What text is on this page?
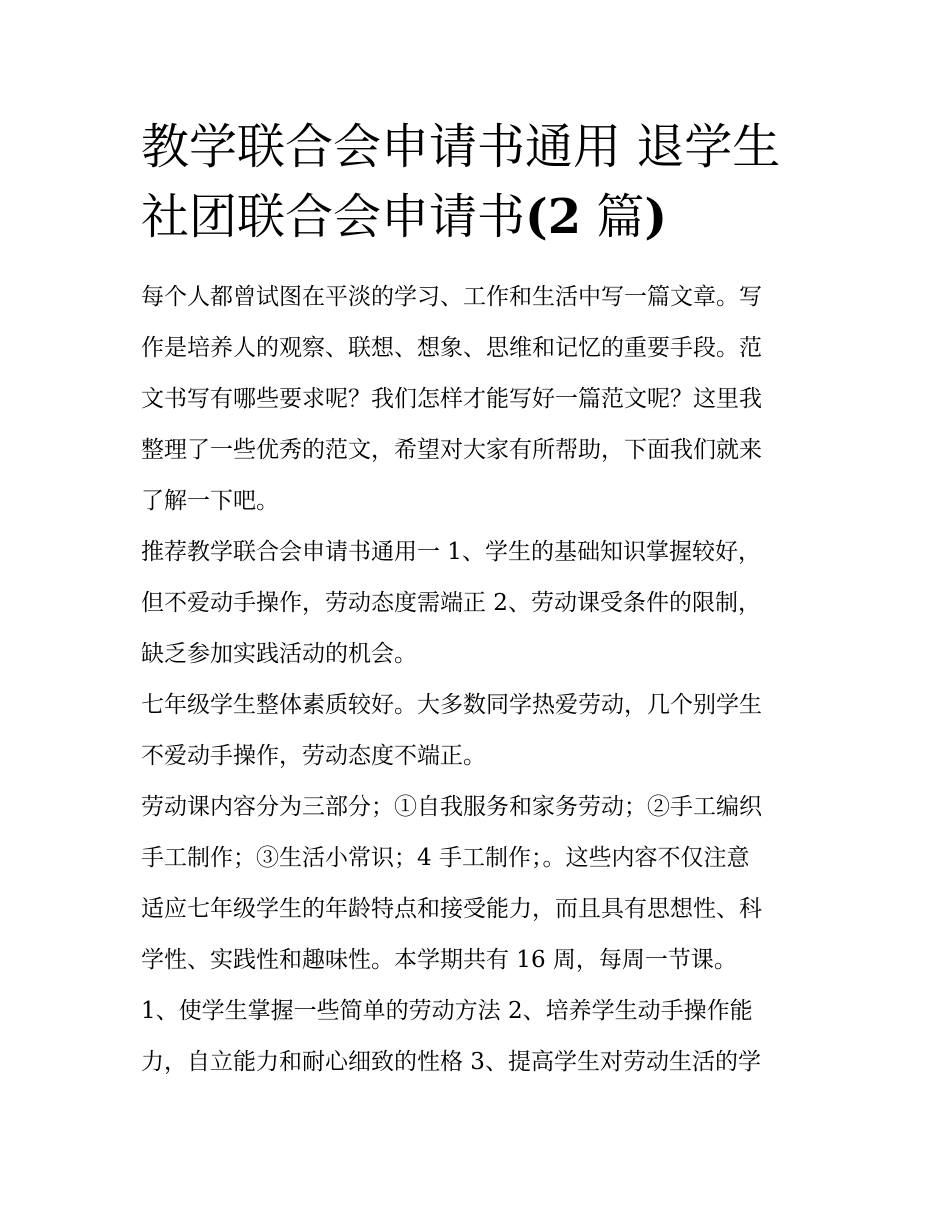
教学联合会申请书通用 退学生
社团联合会申请书(2 篇)

每个人都曾试图在平淡的学习、工作和生活中写一篇文章。写
作是培养人的观察、联想、想象、思维和记忆的重要手段。范
文书写有哪些要求呢？我们怎样才能写好一篇范文呢？这里我
整理了一些优秀的范文，希望对大家有所帮助，下面我们就来
了解一下吧。

推荐教学联合会申请书通用一 1、学生的基础知识掌握较好，
但不爱动手操作，劳动态度需端正 2、劳动课受条件的限制，
缺乏参加实践活动的机会。

七年级学生整体素质较好。大多数同学热爱劳动，几个别学生
不爱动手操作，劳动态度不端正。

劳动课内容分为三部分；①自我服务和家务劳动；②手工编织
手工制作；③生活小常识；4 手工制作；。这些内容不仅注意
适应七年级学生的年龄特点和接受能力，而且具有思想性、科
学性、实践性和趣味性。本学期共有 16 周，每周一节课。

1、使学生掌握一些简单的劳动方法 2、培养学生动手操作能
力，自立能力和耐心细致的性格 3、提高学生对劳动生活的学
